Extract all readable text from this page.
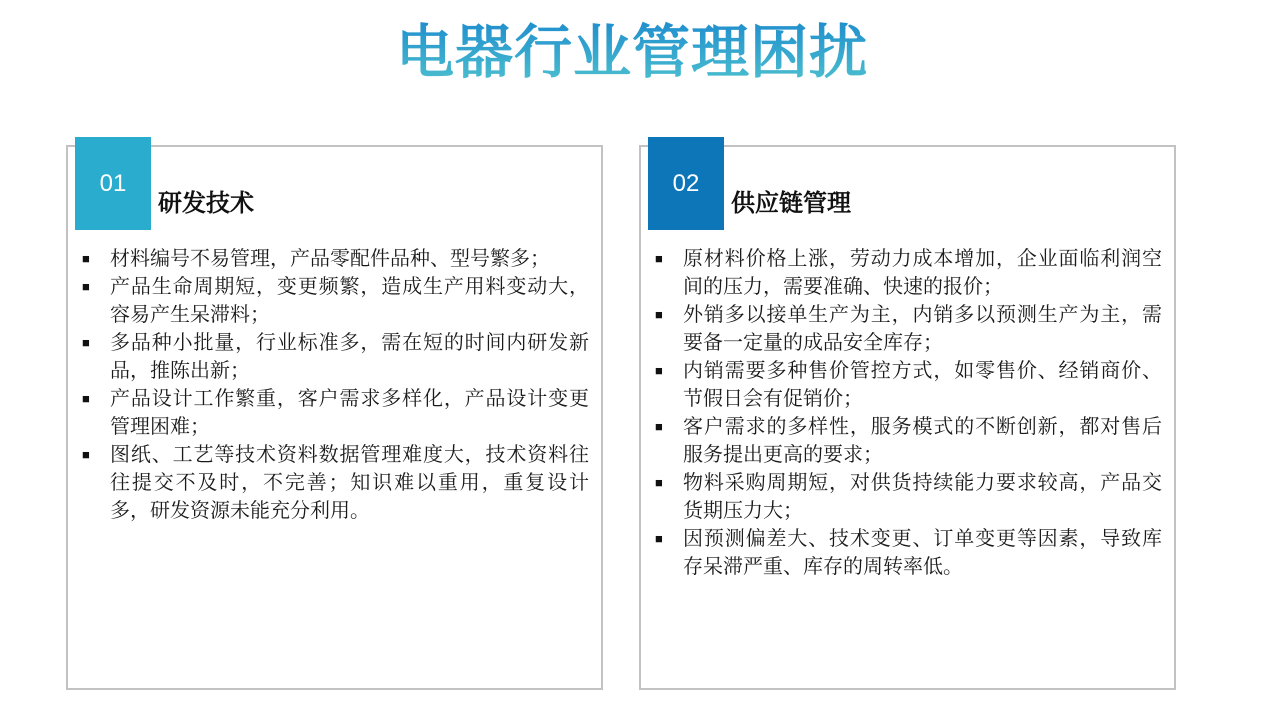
电器行业管理困扰
01
研发技术
■	材料编号不易管理，产品零配件品种、型号繁多；
■	产品生命周期短，变更频繁，造成生产用料变动大，容易产生呆滞料；
■	多品种小批量，行业标准多，需在短的时间内研发新品，推陈出新；
■	产品设计工作繁重，客户需求多样化，产品设计变更管理困难；
■	图纸、工艺等技术资料数据管理难度大，技术资料往往提交不及时，不完善；知识难以重用，重复设计多，研发资源未能充分利用。
02
供应链管理
■	原材料价格上涨，劳动力成本增加，企业面临利润空间的压力，需要准确、快速的报价；
■	外销多以接单生产为主，内销多以预测生产为主，需要备一定量的成品安全库存；
■	内销需要多种售价管控方式，如零售价、经销商价、节假日会有促销价；
■	客户需求的多样性，服务模式的不断创新，都对售后服务提出更高的要求；
■	物料采购周期短，对供货持续能力要求较高，产品交货期压力大；
■	因预测偏差大、技术变更、订单变更等因素，导致库存呆滞严重、库存的周转率低。
